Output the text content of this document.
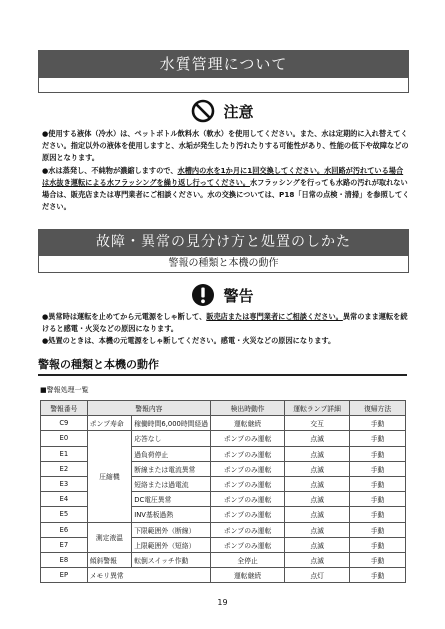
水質管理について
注意

●使用する液体（冷水）は、ペットボトル飲料水（軟水）を使用してください。また、水は定期的に入れ替えてください。指定以外の液体を使用しますと、水垢が発生したり汚れたりする可能性があり、性能の低下や故障などの原因となります。

●水は蒸発し、不純物が濃縮しますので、水槽内の水を1か月に1回交換してください。水回路が汚れている場合は水抜き運転による水フラッシングを繰り返し行ってください。水フラッシングを行っても水路の汚れが取れない場合は、販売店または専門業者にご相談ください。水の交換については、P18「日常の点検・清掃」を参照してください。

故障・異常の見分け方と処置のしかた
警報の種類と本機の動作
警告

●異常時は運転を止めてから元電源をしゃ断して、販売店または専門業者にご相談ください。異常のまま運転を続けると感電・火災などの原因になります。

●処置のときは、本機の元電源をしゃ断してください。感電・火災などの原因になります。

警報の種類と本機の動作
■警報処理一覧
警報番号	警報内容		検出時動作	運転ランプ詳細	復帰方法
C9	ポンプ寿命	稼働時間6,000時間経過	運転継続	交互	手動
E0	圧縮機	応答なし	ポンプのみ運転	点滅	手動
E1		過負荷停止	ポンプのみ運転	点滅	手動
E2		断線または電流異常	ポンプのみ運転	点滅	手動
E3		短絡または過電流	ポンプのみ運転	点滅	手動
E4		DC電圧異常	ポンプのみ運転	点滅	手動
E5		INV基板過熱	ポンプのみ運転	点滅	手動
E6	測定液温	下限範囲外（断線）	ポンプのみ運転	点滅	手動
E7		上限範囲外（短絡）	ポンプのみ運転	点滅	手動
E8	傾斜警報	転倒スイッチ作動	全停止	点滅	手動
EP	メモリ異常		運転継続	点灯	手動
19
